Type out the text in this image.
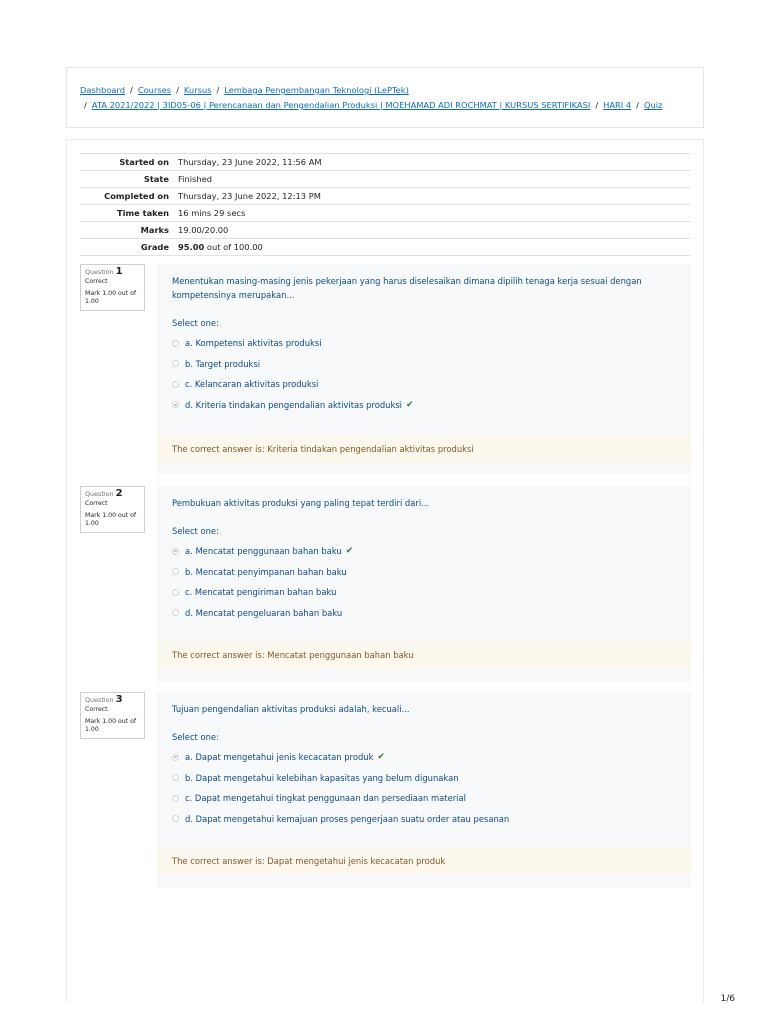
Dashboard / Courses / Kursus / Lembaga Pengembangan Teknologi (LePTek)
/ ATA 2021/2022 | 3ID05-06 | Perencanaan dan Pengendalian Produksi | MOEHAMAD ADI ROCHMAT | KURSUS SERTIFIKASI / HARI 4 / Quiz
Started on	Thursday, 23 June 2022, 11:56 AM
State	Finished
Completed on	Thursday, 23 June 2022, 12:13 PM
Time taken	16 mins 29 secs
Marks	19.00/20.00
Grade	95.00 out of 100.00
Question 1
Correct
Mark 1.00 out of 1.00
Menentukan masing-masing jenis pekerjaan yang harus diselesaikan dimana dipilih tenaga kerja sesuai dengan kompetensinya merupakan...
Select one:
a. Kompetensi aktivitas produksi
b. Target produksi
c. Kelancaran aktivitas produksi
d. Kriteria tindakan pengendalian aktivitas produksi ✔
The correct answer is: Kriteria tindakan pengendalian aktivitas produksi
Question 2
Correct
Mark 1.00 out of 1.00
Pembukuan aktivitas produksi yang paling tepat terdiri dari...
Select one:
a. Mencatat penggunaan bahan baku ✔
b. Mencatat penyimpanan bahan baku
c. Mencatat pengiriman bahan baku
d. Mencatat pengeluaran bahan baku
The correct answer is: Mencatat penggunaan bahan baku
Question 3
Correct
Mark 1.00 out of 1.00
Tujuan pengendalian aktivitas produksi adalah, kecuali...
Select one:
a. Dapat mengetahui jenis kecacatan produk ✔
b. Dapat mengetahui kelebihan kapasitas yang belum digunakan
c. Dapat mengetahui tingkat penggunaan dan persediaan material
d. Dapat mengetahui kemajuan proses pengerjaan suatu order atau pesanan
The correct answer is: Dapat mengetahui jenis kecacatan produk
1/6
